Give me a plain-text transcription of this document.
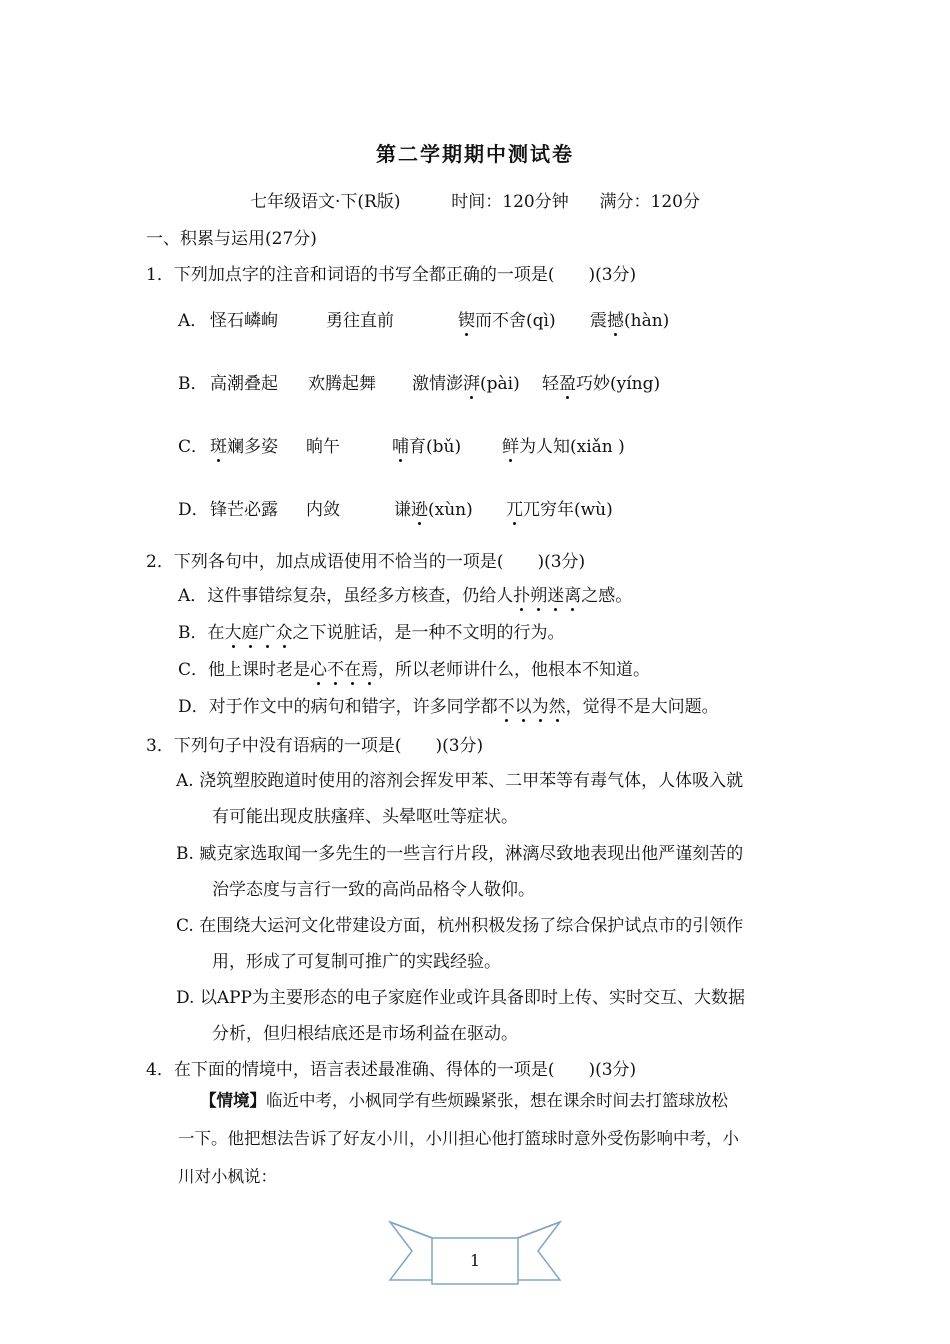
第二学期期中测试卷
七年级语文·下(R版)	时间：120分钟 满分：120分
一、积累与运用(27分)
1．下列加点字的注音和词语的书写全都正确的一项是(　　)(3分)
A． 怪石嶙峋	勇往直前	锲而不舍(qì) 震撼(hàn)
B． 高潮叠起 欢腾起舞 激情澎湃(pài) 轻盈巧妙(yíng)
C． 斑斓多姿 晌午	哺育(bǔ) 鲜为人知(xiǎn )
D．锋芒必露 内敛	谦逊(xùn) 兀兀穷年(wù)
2．下列各句中，加点成语使用不恰当的一项是(　　)(3分)
A．这件事错综复杂，虽经多方核查，仍给人扑朔迷离之感。
B．在大庭广众之下说脏话，是一种不文明的行为。
C．他上课时老是心不在焉，所以老师讲什么，他根本不知道。
D．对于作文中的病句和错字，许多同学都不以为然，觉得不是大问题。
3．下列句子中没有语病的一项是(　　)(3分)
A. 浇筑塑胶跑道时使用的溶剂会挥发甲苯、二甲苯等有毒气体，人体吸入就
有可能出现皮肤瘙痒、头晕呕吐等症状。
B. 臧克家选取闻一多先生的一些言行片段，淋漓尽致地表现出他严谨刻苦的
治学态度与言行一致的高尚品格令人敬仰。
C. 在围绕大运河文化带建设方面，杭州积极发扬了综合保护试点市的引领作
用，形成了可复制可推广的实践经验。
D. 以APP为主要形态的电子家庭作业或许具备即时上传、实时交互、大数据
分析，但归根结底还是市场利益在驱动。
4．在下面的情境中，语言表述最准确、得体的一项是(　　)(3分)
【情境】临近中考，小枫同学有些烦躁紧张，想在课余时间去打篮球放松
一下。他把想法告诉了好友小川，小川担心他打篮球时意外受伤影响中考，小
川对小枫说：
1
